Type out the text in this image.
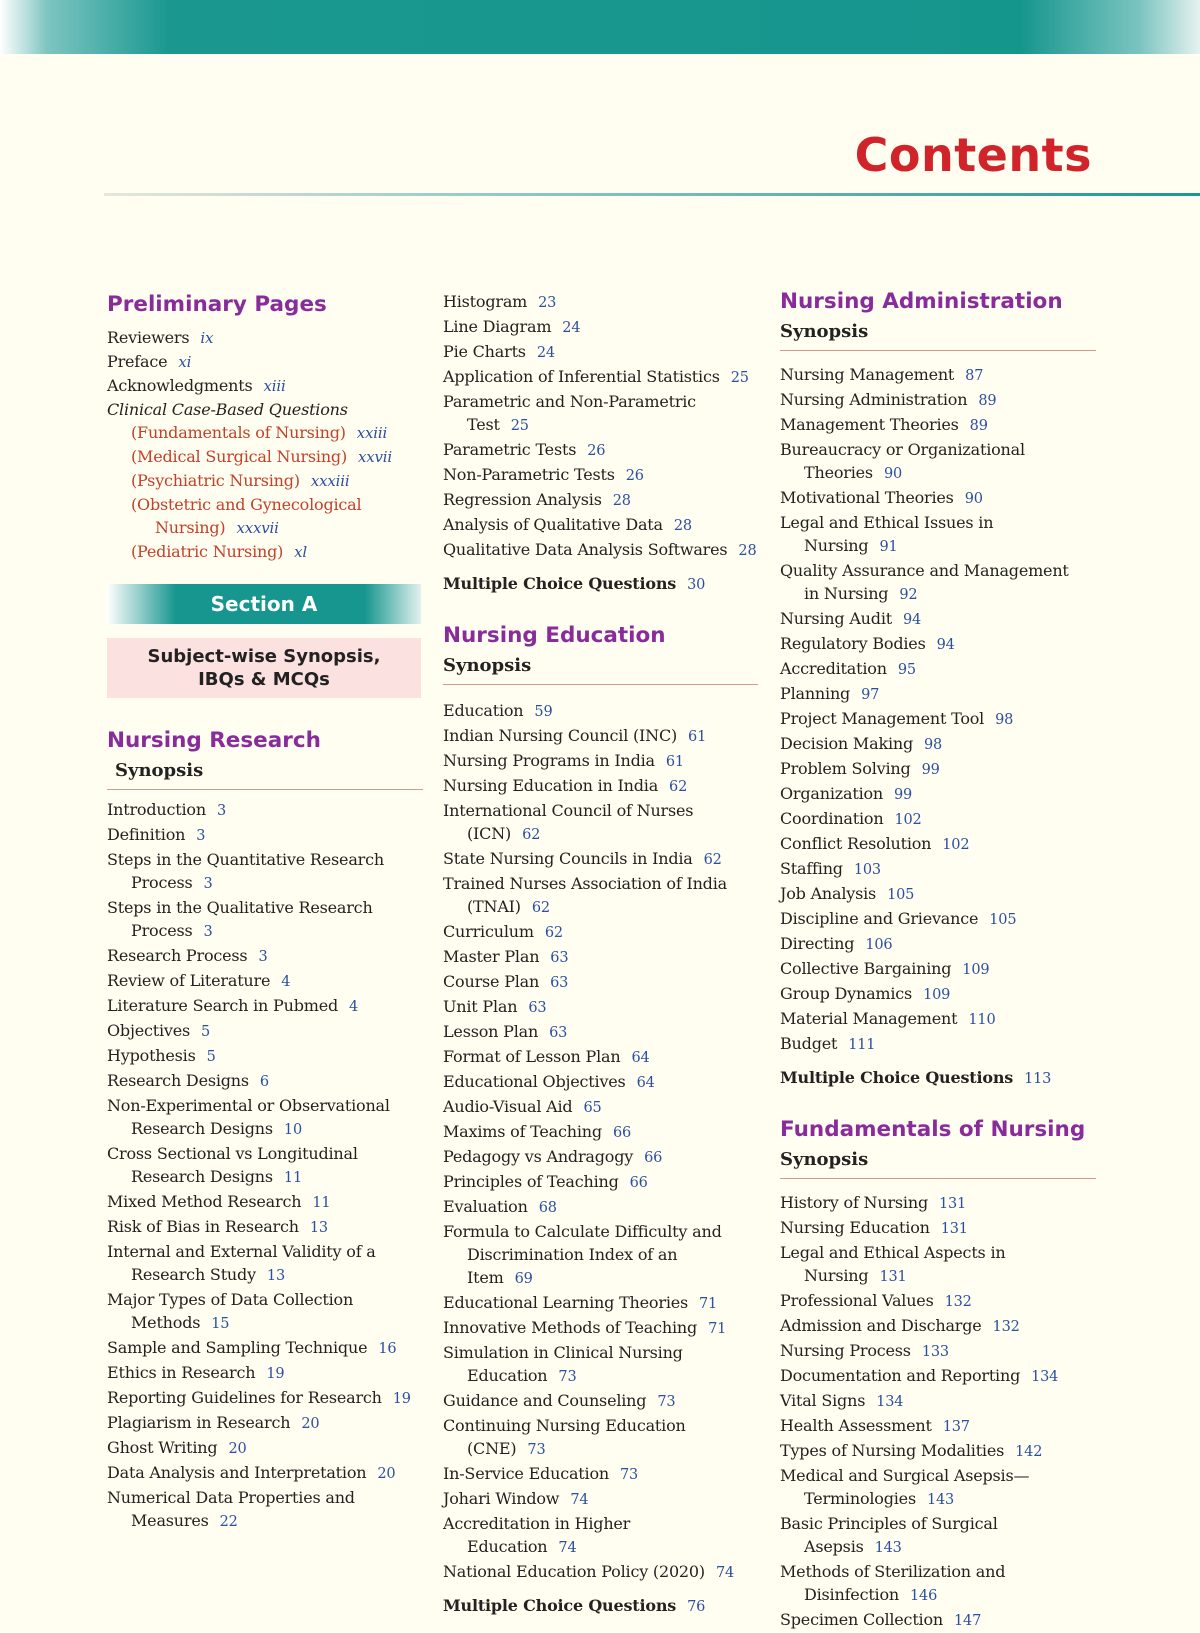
Contents
Preliminary Pages
Reviewers ix
Preface xi
Acknowledgments xiii
Clinical Case-Based Questions
(Fundamentals of Nursing) xxiii
(Medical Surgical Nursing) xxvii
(Psychiatric Nursing) xxxiii
(Obstetric and Gynecological Nursing) xxxvii
(Pediatric Nursing) xl
Section A
Subject-wise Synopsis, IBQs & MCQs
Nursing Research
Synopsis
Introduction 3
Definition 3
Steps in the Quantitative Research Process 3
Steps in the Qualitative Research Process 3
Research Process 3
Review of Literature 4
Literature Search in Pubmed 4
Objectives 5
Hypothesis 5
Research Designs 6
Non-Experimental or Observational Research Designs 10
Cross Sectional vs Longitudinal Research Designs 11
Mixed Method Research 11
Risk of Bias in Research 13
Internal and External Validity of a Research Study 13
Major Types of Data Collection Methods 15
Sample and Sampling Technique 16
Ethics in Research 19
Reporting Guidelines for Research 19
Plagiarism in Research 20
Ghost Writing 20
Data Analysis and Interpretation 20
Numerical Data Properties and Measures 22
Histogram 23
Line Diagram 24
Pie Charts 24
Application of Inferential Statistics 25
Parametric and Non-Parametric Test 25
Parametric Tests 26
Non-Parametric Tests 26
Regression Analysis 28
Analysis of Qualitative Data 28
Qualitative Data Analysis Softwares 28
Multiple Choice Questions 30
Nursing Education
Synopsis
Education 59
Indian Nursing Council (INC) 61
Nursing Programs in India 61
Nursing Education in India 62
International Council of Nurses (ICN) 62
State Nursing Councils in India 62
Trained Nurses Association of India (TNAI) 62
Curriculum 62
Master Plan 63
Course Plan 63
Unit Plan 63
Lesson Plan 63
Format of Lesson Plan 64
Educational Objectives 64
Audio-Visual Aid 65
Maxims of Teaching 66
Pedagogy vs Andragogy 66
Principles of Teaching 66
Evaluation 68
Formula to Calculate Difficulty and Discrimination Index of an Item 69
Educational Learning Theories 71
Innovative Methods of Teaching 71
Simulation in Clinical Nursing Education 73
Guidance and Counseling 73
Continuing Nursing Education (CNE) 73
In-Service Education 73
Johari Window 74
Accreditation in Higher Education 74
National Education Policy (2020) 74
Multiple Choice Questions 76
Nursing Administration
Synopsis
Nursing Management 87
Nursing Administration 89
Management Theories 89
Bureaucracy or Organizational Theories 90
Motivational Theories 90
Legal and Ethical Issues in Nursing 91
Quality Assurance and Management in Nursing 92
Nursing Audit 94
Regulatory Bodies 94
Accreditation 95
Planning 97
Project Management Tool 98
Decision Making 98
Problem Solving 99
Organization 99
Coordination 102
Conflict Resolution 102
Staffing 103
Job Analysis 105
Discipline and Grievance 105
Directing 106
Collective Bargaining 109
Group Dynamics 109
Material Management 110
Budget 111
Multiple Choice Questions 113
Fundamentals of Nursing
Synopsis
History of Nursing 131
Nursing Education 131
Legal and Ethical Aspects in Nursing 131
Professional Values 132
Admission and Discharge 132
Nursing Process 133
Documentation and Reporting 134
Vital Signs 134
Health Assessment 137
Types of Nursing Modalities 142
Medical and Surgical Asepsis—Terminologies 143
Basic Principles of Surgical Asepsis 143
Methods of Sterilization and Disinfection 146
Specimen Collection 147
